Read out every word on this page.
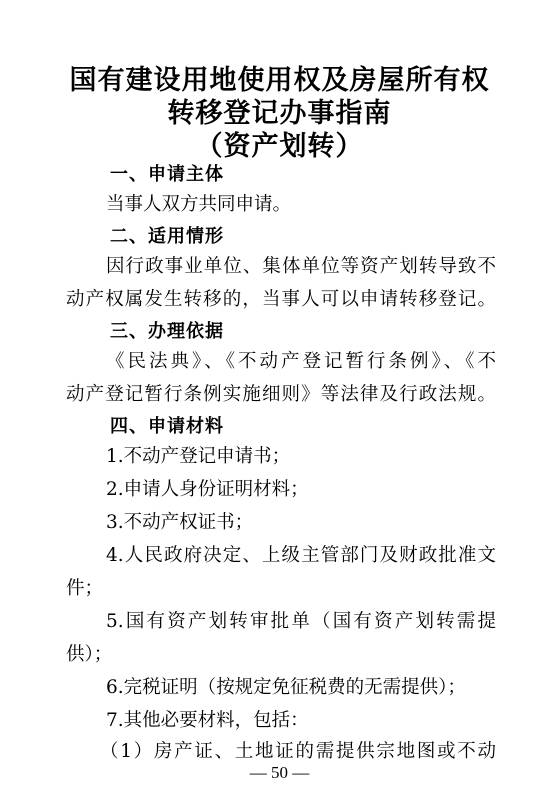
国有建设用地使用权及房屋所有权
转移登记办事指南
（资产划转）
一、申请主体
当事人双方共同申请。
二、适用情形
因行政事业单位、集体单位等资产划转导致不
动产权属发生转移的，当事人可以申请转移登记。
三、办理依据
《民法典》、《不动产登记暂行条例》、《不
动产登记暂行条例实施细则》等法律及行政法规。
四、申请材料
1.不动产登记申请书；
2.申请人身份证明材料；
3.不动产权证书；
4.人民政府决定、上级主管部门及财政批准文
件；
5.国有资产划转审批单（国有资产划转需提
供）；
6.完税证明（按规定免征税费的无需提供）；
7.其他必要材料，包括：
（1）房产证、土地证的需提供宗地图或不动
— 50 —
